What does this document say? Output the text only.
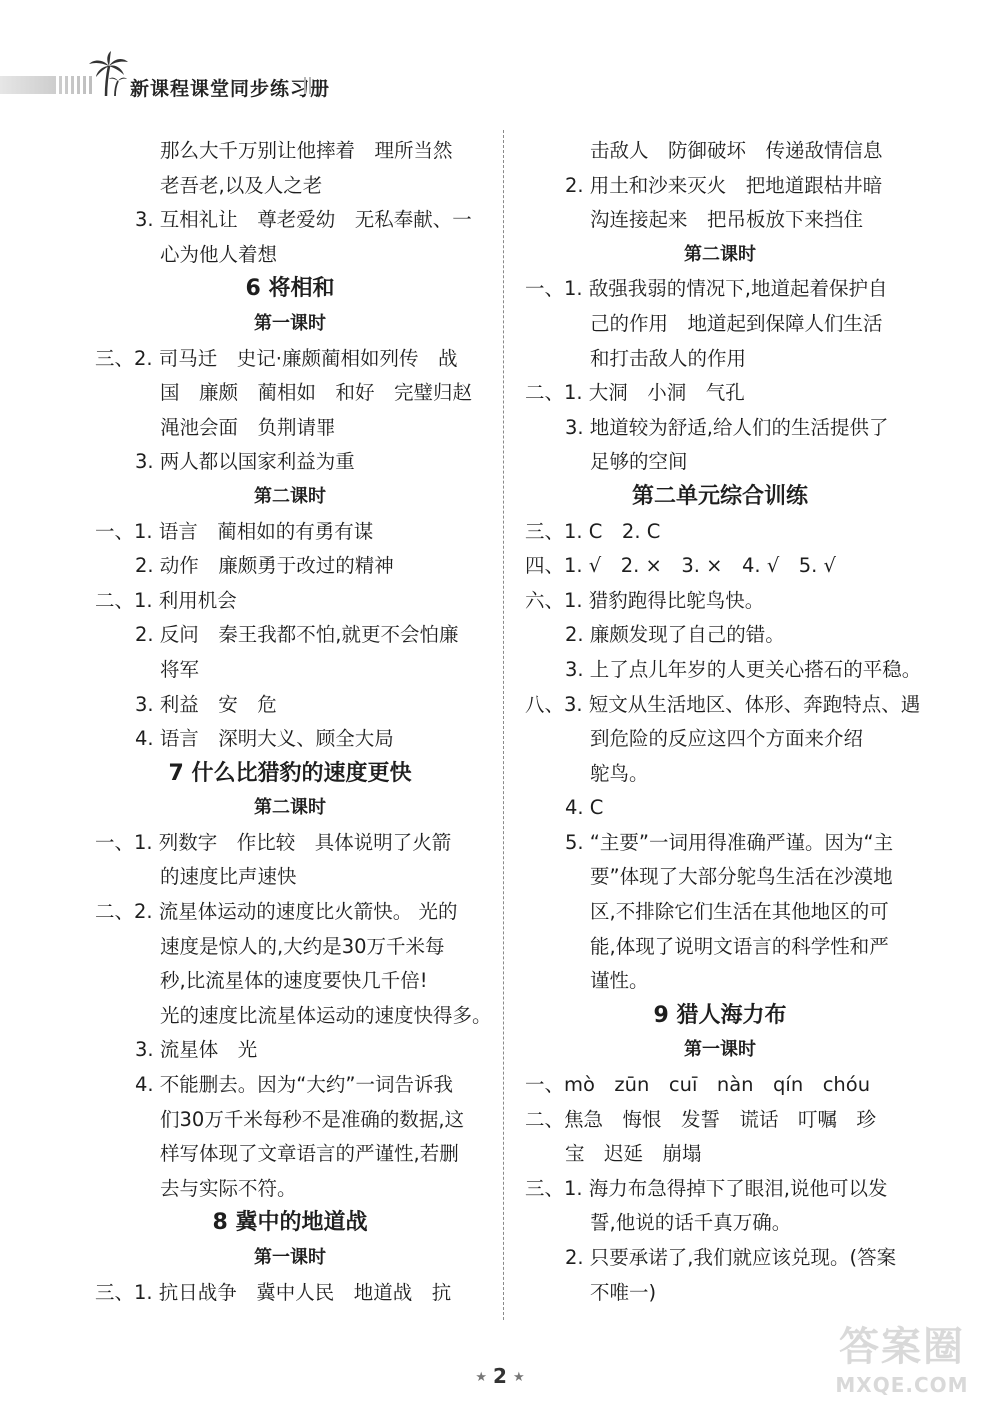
新课程课堂同步练习册
那么大千万别让他摔着　理所当然
老吾老,以及人之老
3. 互相礼让　尊老爱幼　无私奉献、一
心为他人着想
6 将相和
第一课时
三、2. 司马迁　史记·廉颇蔺相如列传　战
国　廉颇　蔺相如　和好　完璧归赵
渑池会面　负荆请罪
3. 两人都以国家利益为重
第二课时
一、1. 语言　蔺相如的有勇有谋
2. 动作　廉颇勇于改过的精神
二、1. 利用机会
2. 反问　秦王我都不怕,就更不会怕廉
将军
3. 利益　安　危
4. 语言　深明大义、顾全大局
7 什么比猎豹的速度更快
第二课时
一、1. 列数字　作比较　具体说明了火箭
的速度比声速快
二、2. 流星体运动的速度比火箭快。 光的
速度是惊人的,大约是30万千米每
秒,比流星体的速度要快几千倍!
光的速度比流星体运动的速度快得多。
3. 流星体　光
4. 不能删去。因为“大约”一词告诉我
们30万千米每秒不是准确的数据,这
样写体现了文章语言的严谨性,若删
去与实际不符。
8 冀中的地道战
第一课时
三、1. 抗日战争　冀中人民　地道战　抗
击敌人　防御破坏　传递敌情信息
2. 用土和沙来灭火　把地道跟枯井暗
沟连接起来　把吊板放下来挡住
第二课时
一、1. 敌强我弱的情况下,地道起着保护自
己的作用　地道起到保障人们生活
和打击敌人的作用
二、1. 大洞　小洞　气孔
3. 地道较为舒适,给人们的生活提供了
足够的空间
第二单元综合训练
三、1. C　2. C
四、1. √　2. ×　3. ×　4. √　5. √
六、1. 猎豹跑得比鸵鸟快。
2. 廉颇发现了自己的错。
3. 上了点儿年岁的人更关心搭石的平稳。
八、3. 短文从生活地区、体形、奔跑特点、遇
到危险的反应这四个方面来介绍
鸵鸟。
4. C
5. “主要”一词用得准确严谨。因为“主
要”体现了大部分鸵鸟生活在沙漠地
区,不排除它们生活在其他地区的可
能,体现了说明文语言的科学性和严
谨性。
9 猎人海力布
第一课时
一、mò　zūn　cuī　nàn　qín　chóu
二、焦急　悔恨　发誓　谎话　叮嘱　珍
宝　迟延　崩塌
三、1. 海力布急得掉下了眼泪,说他可以发
誓,他说的话千真万确。
2. 只要承诺了,我们就应该兑现。(答案
不唯一)
★ 2 ★
答案圈
MXQE.COM
